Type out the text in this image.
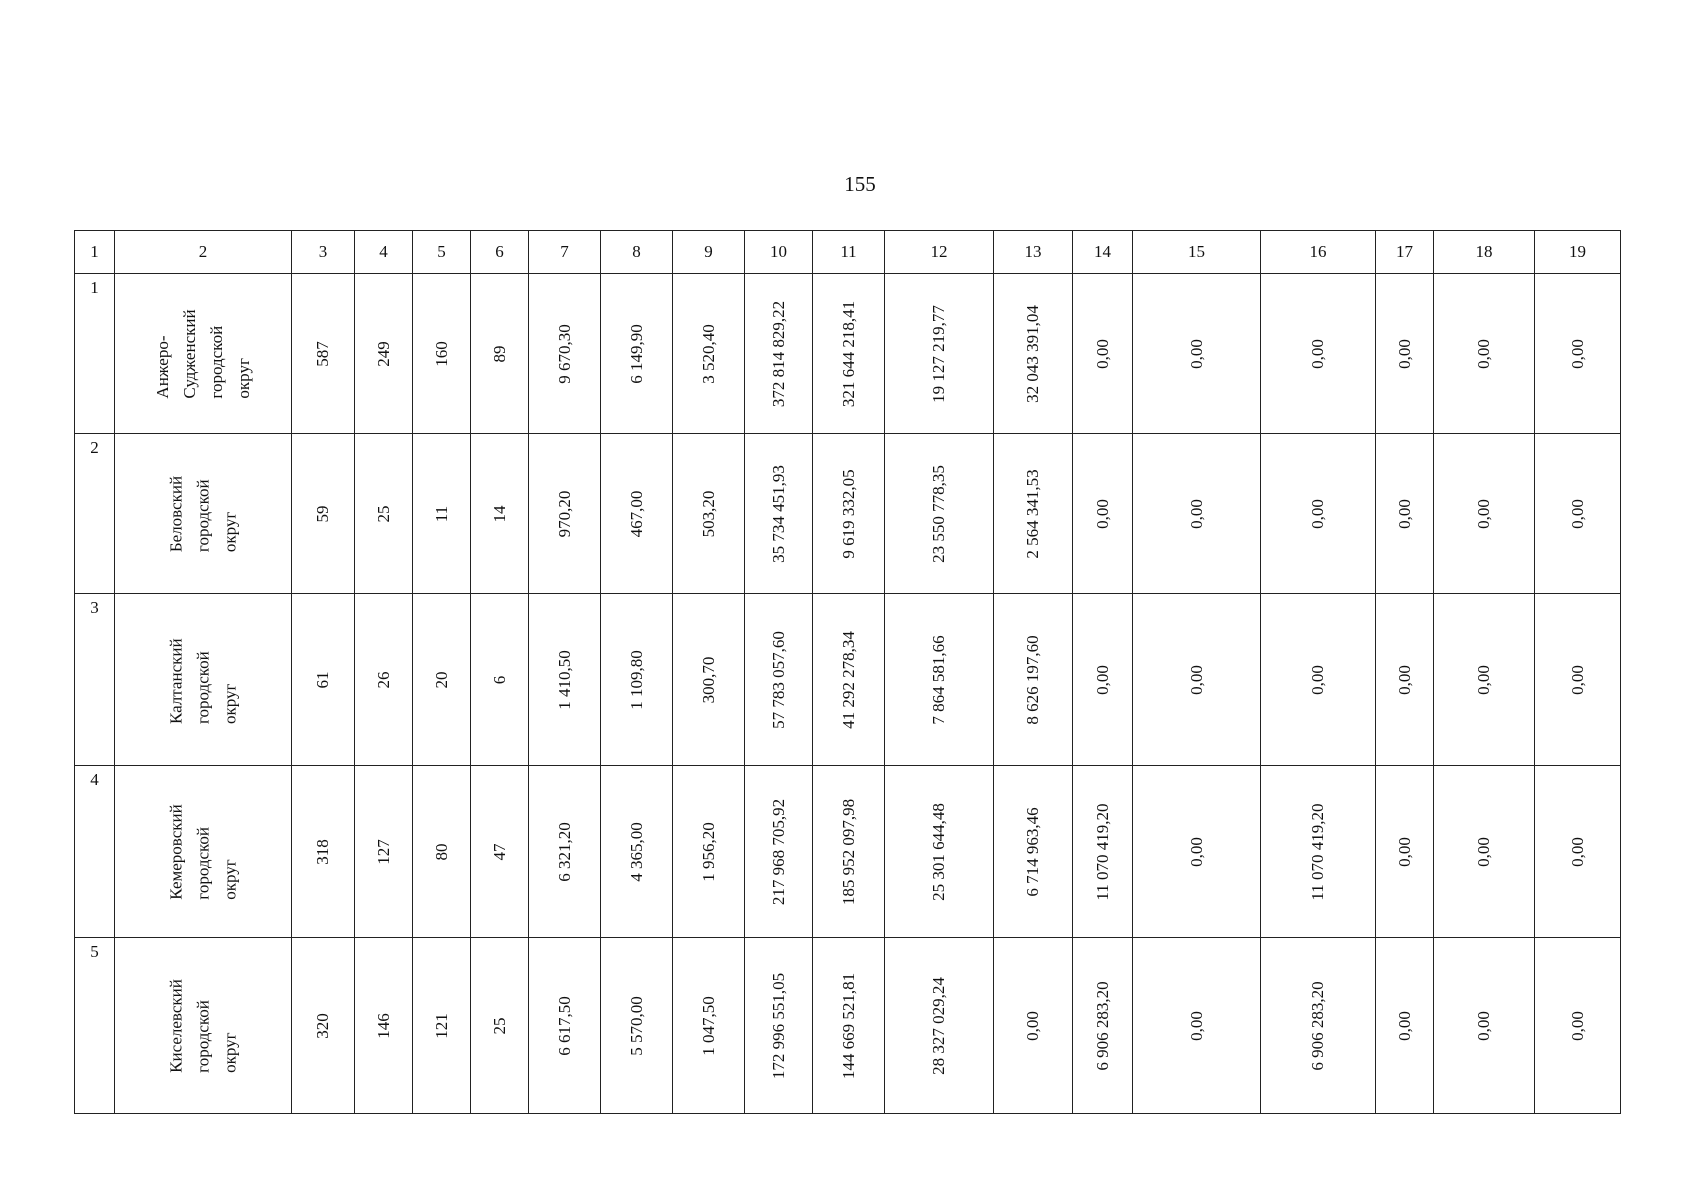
155
1	2	3	4	5	6	7	8	9	10	11	12	13	14	15	16	17	18	19

1	Анжеро-
Судженский
городской
округ	587	249	160	89	9 670,30	6 149,90	3 520,40	372 814 829,22	321 644 218,41	19 127 219,77	32 043 391,04	0,00	0,00	0,00	0,00	0,00	0,00

2	Беловский
городской
округ	59	25	11	14	970,20	467,00	503,20	35 734 451,93	9 619 332,05	23 550 778,35	2 564 341,53	0,00	0,00	0,00	0,00	0,00	0,00

3	Калтанский
городской округ	61	26	20	6	1 410,50	1 109,80	300,70	57 783 057,60	41 292 278,34	7 864 581,66	8 626 197,60	0,00	0,00	0,00	0,00	0,00	0,00

4	Кемеровский
городской округ	318	127	80	47	6 321,20	4 365,00	1 956,20	217 968 705,92	185 952 097,98	25 301 644,48	6 714 963,46	11 070 419,20	0,00	11 070 419,20	0,00	0,00	0,00

5	Киселевский
городской округ	320	146	121	25	6 617,50	5 570,00	1 047,50	172 996 551,05	144 669 521,81	28 327 029,24	0,00	6 906 283,20	0,00	6 906 283,20	0,00	0,00	0,00
